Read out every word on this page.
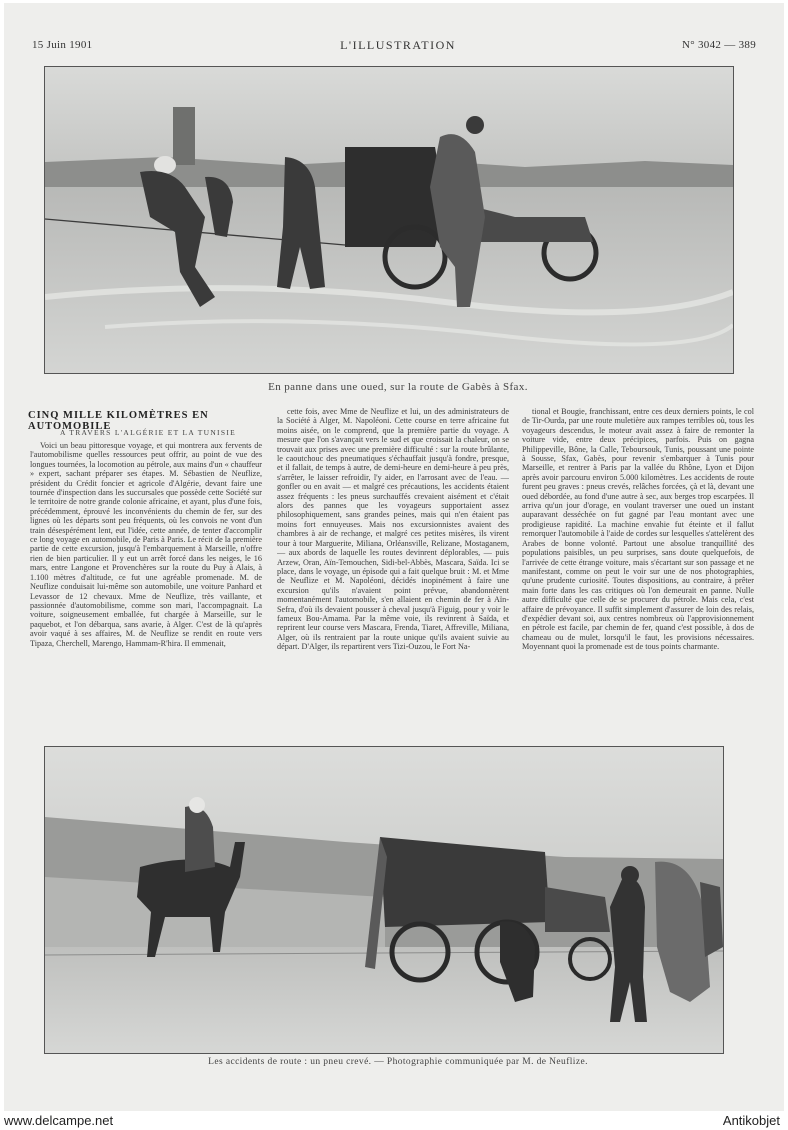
15 Juin 1901	L'ILLUSTRATION	N° 3042 — 389
En panne dans une oued, sur la route de Gabès à Sfax.
CINQ MILLE KILOMÈTRES EN AUTOMOBILE
A TRAVERS L'ALGÉRIE ET LA TUNISIE

Voici un beau pittoresque voyage, et qui montrera aux fervents de l'automobilisme quelles ressources peut offrir, au point de vue des longues tournées, la locomotion au pétrole, aux mains d'un « chauffeur » expert, sachant préparer ses étapes. M. Sébastien de Neuflize, président du Crédit foncier et agricole d'Algérie, devant faire une tournée d'inspection dans les succursales que possède cette Société sur le territoire de notre grande colonie africaine, et ayant, plus d'une fois, précédemment, éprouvé les inconvénients du chemin de fer, sur des lignes où les départs sont peu fréquents, où les convois ne vont d'un train désespérément lent, eut l'idée, cette année, de tenter d'accomplir ce long voyage en automobile, de Paris à Paris. Le récit de la première partie de cette excursion, jusqu'à l'embarquement à Marseille, n'offre rien de bien particulier. Il y eut un arrêt forcé dans les neiges, le 16 mars, entre Langone et Provenchères sur la route du Puy à Alais, à 1.100 mètres d'altitude, ce fut une agréable promenade. M. de Neuflize conduisait lui-même son automobile, une voiture Panhard et Levassor de 12 chevaux. Mme de Neuflize, très vaillante, et passionnée d'automobilisme, comme son mari, l'accompagnait. La voiture, soigneusement emballée, fut chargée à Marseille, sur le paquebot, et l'on débarqua, sans avarie, à Alger. C'est de là qu'après avoir vaqué à ses affaires, M. de Neuflize se rendit en route vers Tipaza, Cherchell, Marengo, Hammam-R'hira. Il emmenait,

cette fois, avec Mme de Neuflize et lui, un des administrateurs de la Société à Alger, M. Napoléoni. Cette course en terre africaine fut moins aisée, on le comprend, que la première partie du voyage. A mesure que l'on s'avançait vers le sud et que croissait la chaleur, on se trouvait aux prises avec une première difficulté : sur la route brûlante, le caoutchouc des pneumatiques s'échauffait jusqu'à fondre, presque, et il fallait, de temps à autre, de demi-heure en demi-heure à peu près, s'arrêter, le laisser refroidir, l'y aider, en l'arrosant avec de l'eau. — gonfler ou en avait — et malgré ces précautions, les accidents étaient assez fréquents : les pneus surchauffés crevaient aisément et c'était alors des pannes que les voyageurs supportaient assez philosophiquement, sans grandes peines, mais qui n'en étaient pas moins fort ennuyeuses. Mais nos excursionnistes avaient des chambres à air de rechange, et malgré ces petites misères, ils virent tour à tour Marguerite, Miliana, Orléansville, Relizane, Mostaganem, — aux abords de laquelle les routes devinrent déplorables, — puis Arzew, Oran, Aïn-Temouchen, Sidi-bel-Abbès, Mascara, Saïda. Ici se place, dans le voyage, un épisode qui a fait quelque bruit : M. et Mme de Neuflize et M. Napoléoni, décidés inopinément à faire une excursion qu'ils n'avaient point prévue, abandonnèrent momentanément l'automobile, s'en allaient en chemin de fer à Aïn-Sefra, d'où ils devaient pousser à cheval jusqu'à Figuig, pour y voir le fameux Bou-Amama. Par la même voie, ils revinrent à Saïda, et reprirent leur course vers Mascara, Frenda, Tiaret, Affreville, Miliana, Alger, où ils rentraient par la route unique qu'ils avaient suivie au départ. D'Alger, ils repartirent vers Tizi-Ouzou, le Fort Na-

tional et Bougie, franchissant, entre ces deux derniers points, le col de Tir-Ourda, par une route muletière aux rampes terribles où, tous les voyageurs descendus, le moteur avait assez à faire de remonter la voiture vide, entre deux précipices, parfois. Puis on gagna Philippeville, Bône, la Calle, Teboursouk, Tunis, poussant une pointe à Sousse, Sfax, Gabès, pour revenir s'embarquer à Tunis pour Marseille, et rentrer à Paris par la vallée du Rhône, Lyon et Dijon après avoir parcouru environ 5.000 kilomètres. Les accidents de route furent peu graves : pneus crevés, relâches forcées, çà et là, devant une oued débordée, au fond d'une autre à sec, aux berges trop escarpées. Il arriva qu'un jour d'orage, en voulant traverser une oued un instant auparavant desséchée on fut gagné par l'eau montant avec une prodigieuse rapidité. La machine envahie fut éteinte et il fallut remorquer l'automobile à l'aide de cordes sur lesquelles s'attelèrent des Arabes de bonne volonté. Partout une absolue tranquillité des populations paisibles, un peu surprises, sans doute quelquefois, de l'arrivée de cette étrange voiture, mais s'écartant sur son passage et ne manifestant, comme on peut le voir sur une de nos photographies, qu'une prudente curiosité. Toutes dispositions, au contraire, à prêter main forte dans les cas critiques où l'on demeurait en panne. Nulle autre difficulté que celle de se procurer du pétrole. Mais cela, c'est affaire de prévoyance. Il suffit simplement d'assurer de loin des relais, d'expédier devant soi, aux centres nombreux où l'approvisionnement en pétrole est facile, par chemin de fer, quand c'est possible, à dos de chameau ou de mulet, lorsqu'il le faut, les provisions nécessaires. Moyennant quoi la promenade est de tous points charmante.

Les accidents de route : un pneu crevé. — Photographie communiquée par M. de Neuflize.
www.delcampe.net	Antikobjet
